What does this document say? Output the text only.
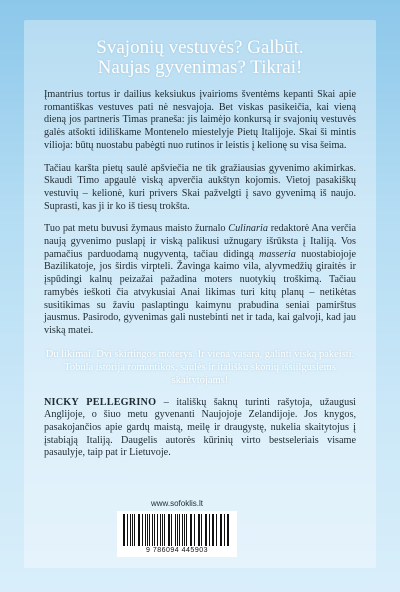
Svajonių vestuvės? Galbūt.
Naujas gyvenimas? Tikrai!

Įmantrius tortus ir dailius keksiukus įvairioms šventėms kepanti Skai apie romantiškas vestuves pati nė nesvajoja. Bet viskas pasikeičia, kai vieną dieną jos partneris Timas praneša: jis laimėjo konkursą ir svajonių vestuvės galės atšokti idiliškame Montenelo miestelyje Pietų Italijoje. Skai ši mintis vilioja: būtų nuostabu pabėgti nuo rutinos ir leistis į kelionę su visa šeima.

Tačiau karšta pietų saulė apšviečia ne tik gražiausias gyvenimo akimirkas. Skaudi Timo apgaulė viską apverčia aukštyn kojomis. Vietoj pasakiškų vestuvių – kelionė, kuri privers Skai pažvelgti į savo gyvenimą iš naujo. Suprasti, kas ji ir ko iš tiesų trokšta.

Tuo pat metu buvusi žymaus maisto žurnalo Culinaria redaktorė Ana verčia naują gyvenimo puslapį ir viską palikusi užnugary išrūksta į Italiją. Vos pamačius parduodamą nugyventą, tačiau didingą masseria nuostabiojoje Bazilikatoje, jos širdis virpteli. Žavinga kaimo vila, alyvmedžių giraitės ir įspūdingi kalnų peizažai pažadina moters nuotykių troškimą. Tačiau ramybės ieškoti čia atvykusiai Anai likimas turi kitų planų – netikėtas susitikimas su žaviu paslaptingu kaimynu prabudina seniai pamirštus jausmus. Pasirodo, gyvenimas gali nustebinti net ir tada, kai galvoji, kad jau viską matei.

Du likimai. Dvi skirtingos moterys. Ir viena vasara, galinti viską pakeisti. Tobula istorija romantikos, saulės ir itališku skonių išsiilgusiems skaitytojams!

NICKY PELLEGRINO – itališkų šaknų turinti rašytoja, užaugusi Anglijoje, o šiuo metu gyvenanti Naujojoje Zelandijoje. Jos knygos, pasakojančios apie gardų maistą, meilę ir draugystę, nukelia skaitytojus į įstabiąją Italiją. Daugelis autorės kūrinių virto bestseleriais visame pasaulyje, taip pat ir Lietuvoje.

www.sofoklis.lt
9 786094 445903
